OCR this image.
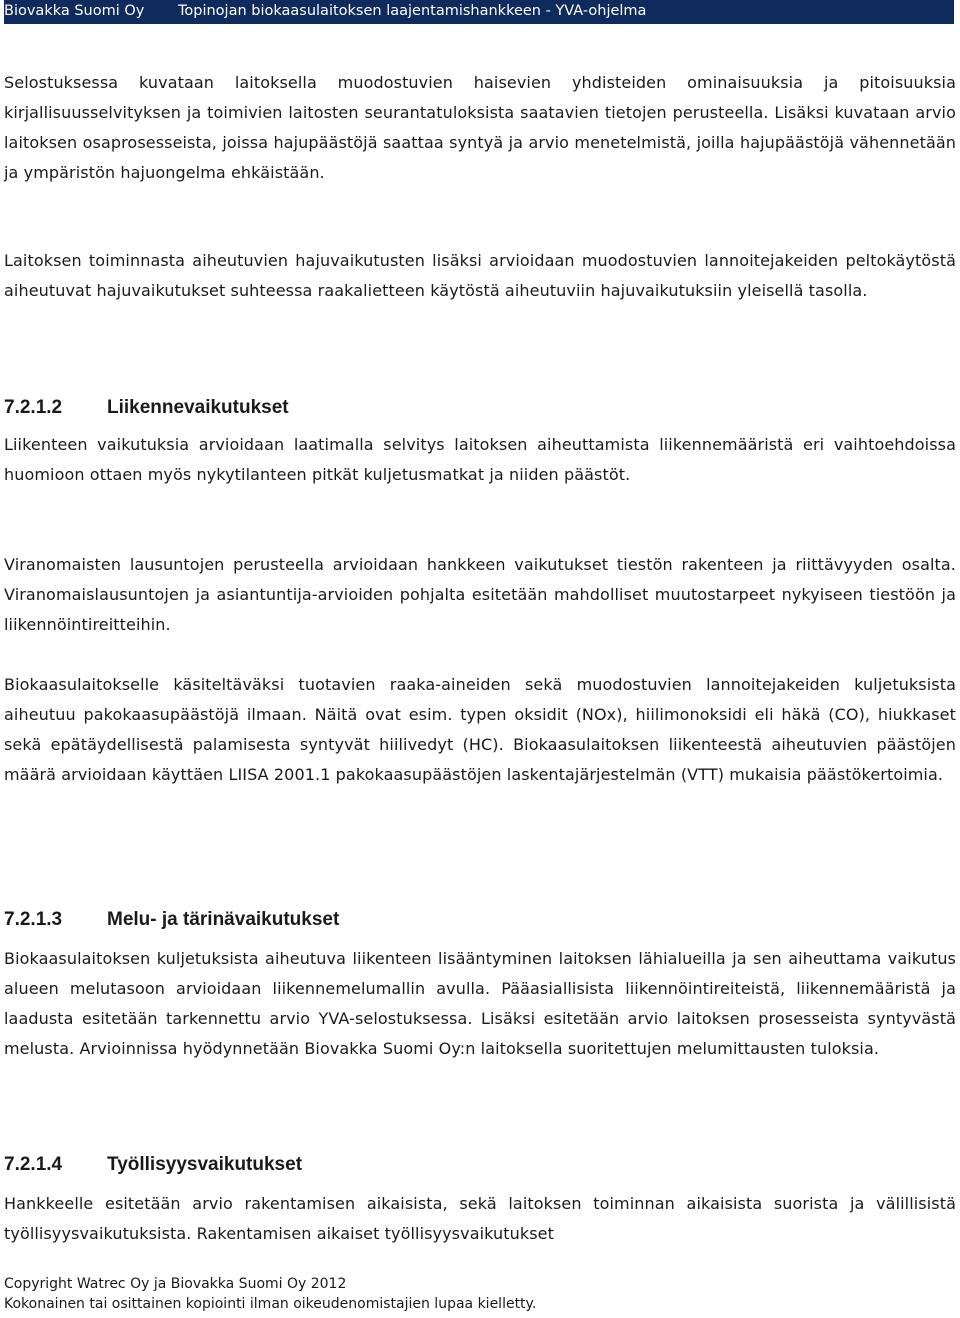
Biovakka Suomi Oy Topinojan biokaasulaitoksen laajentamishankkeen - YVA-ohjelma

Selostuksessa kuvataan laitoksella muodostuvien haisevien yhdisteiden ominaisuuksia ja pitoisuuksia kirjallisuusselvityksen ja toimivien laitosten seurantatuloksista saatavien tietojen perusteella. Lisäksi kuvataan arvio laitoksen osaprosesseista, joissa hajupäästöjä saattaa syntyä ja arvio menetelmistä, joilla hajupäästöjä vähennetään ja ympäristön hajuongelma ehkäistään.

Laitoksen toiminnasta aiheutuvien hajuvaikutusten lisäksi arvioidaan muodostuvien lannoitejakeiden peltokäytöstä aiheutuvat hajuvaikutukset suhteessa raakalietteen käytöstä aiheutuviin hajuvaikutuksiin yleisellä tasolla.

7.2.1.2 Liikennevaikutukset

Liikenteen vaikutuksia arvioidaan laatimalla selvitys laitoksen aiheuttamista liikennemääristä eri vaihtoehdoissa huomioon ottaen myös nykytilanteen pitkät kuljetusmatkat ja niiden päästöt.

Viranomaisten lausuntojen perusteella arvioidaan hankkeen vaikutukset tiestön rakenteen ja riittävyyden osalta. Viranomaislausuntojen ja asiantuntija-arvioiden pohjalta esitetään mahdolliset muutostarpeet nykyiseen tiestöön ja liikennöintireitteihin.

Biokaasulaitokselle käsiteltäväksi tuotavien raaka-aineiden sekä muodostuvien lannoitejakeiden kuljetuksista aiheutuu pakokaasupäästöjä ilmaan. Näitä ovat esim. typen oksidit (NOx), hiilimonoksidi eli häkä (CO), hiukkaset sekä epätäydellisestä palamisesta syntyvät hiilivedyt (HC). Biokaasulaitoksen liikenteestä aiheutuvien päästöjen määrä arvioidaan käyttäen LIISA 2001.1 pakokaasupäästöjen laskentajärjestelmän (VTT) mukaisia päästökertoimia.

7.2.1.3 Melu- ja tärinävaikutukset

Biokaasulaitoksen kuljetuksista aiheutuva liikenteen lisääntyminen laitoksen lähialueilla ja sen aiheuttama vaikutus alueen melutasoon arvioidaan liikennemelumallin avulla. Pääasiallisista liikennöintireiteistä, liikennemääristä ja laadusta esitetään tarkennettu arvio YVA-selostuksessa. Lisäksi esitetään arvio laitoksen prosesseista syntyvästä melusta. Arvioinnissa hyödynnetään Biovakka Suomi Oy:n laitoksella suoritettujen melumittausten tuloksia.

7.2.1.4 Työllisyysvaikutukset

Hankkeelle esitetään arvio rakentamisen aikaisista, sekä laitoksen toiminnan aikaisista suorista ja välillisistä työllisyysvaikutuksista. Rakentamisen aikaiset työllisyysvaikutukset

Copyright Watrec Oy ja Biovakka Suomi Oy 2012
Kokonainen tai osittainen kopiointi ilman oikeudenomistajien lupaa kielletty.
